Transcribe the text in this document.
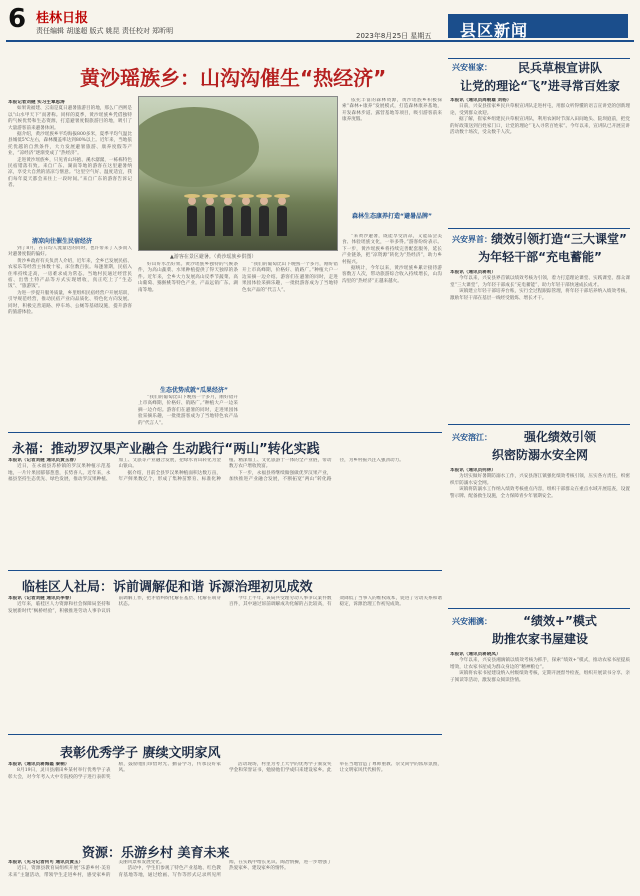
6 桂林日报
责任编辑 胡遂超 版式 姚昆 责任校对 郑昕明
2023年8月25日 星期五 县区新闻
黄沙瑶族乡：山沟沟催生“热经济”
本报记者刘健 实习生覃思涛

如果说福建、云南是夏日避暑旅游目的地，那么广西则是以“山水甲天下”而著称。同样的夏季，黄沙瑶族乡凭借独特的气候优势和生态资源，打造避暑度假旅游目的地，吸引了大量游客前来避暑休闲。

据介绍，黄沙瑶族乡平均海拔800多米，夏季平均气温比县城低5℃左右，森林覆盖率达到80%以上。近年来，当地依托优越的自然条件，大力发展避暑旅游、康养度假等产业，“凉经济”逐渐变成了“热经济”。

走进黄沙瑶族乡，只见青山环抱、溪水潺潺，一栋栋特色民宿错落有致。来自广东、湖南等地的游客在这里避暑纳凉，享受大自然的清凉与惬意。“这里空气好、温度适宜，我们每年夏天都会来住上一段时间。”来自广东的游客告诉记者。

清凉向往催生民宿经济

到了8月，在日均人流量达的同时，也许带来了人多而人对避暑度假的偏好。

黄沙乡政府有关负责人介绍，近年来，全乡已发展民宿、农家乐等经营主体数十家，床位数百张。每逢暑期，民宿入住率持续走高，一房难求成为常态。当地村民通过经营民宿、出售土特产品等方式实现增收，真正吃上了“生态饭”、“旅游饭”。

为进一步提升服务质量，乡里组织民宿经营户开展培训，引导规范经营，推动民宿产业向品质化、特色化方向发展。同时，积极完善道路、停车场、公厕等基础设施，提升游客的旅游体验。

▲游客在景区避暑。（黄沙瑶族乡供图）

好山好水出好果。黄沙瑶族乡独特的气候条件，为高山蔬菜、水果种植提供了得天独厚的条件。近年来，全乡大力发展高山反季节蔬菜、高山葡萄、猕猴桃等特色产业，产品远销广东、湖南等地。

生态优势成就“瓜果经济”

“我们的葡萄比山下晚熟一个多月，刚好错开上市高峰期，价格好、销路广。”种植大户一边采摘一边介绍。游客们在避暑的同时，走进果园体验采摘乐趣，一批批游客成为了当地特色农产品的“代言人”。

“我们的葡萄比山下晚熟一个多月，刚好错开上市高峰期，价格好、销路广。”种植大户一边采摘一边介绍。游客们在避暑的同时，走进果园体验采摘乐趣，一批批游客成为了当地特色农产品的“代言人”。

依托丰富的森林资源，黄沙瑶族乡积极探索“森林+康养”发展模式，打造森林康养基地，开发森林步道、露营基地等项目，吸引游客前来康养度假。

森林生态康养打造“避暑品牌”

“来黄沙避暑，既能享受清凉，又能品尝美食、体验瑶族文化，一举多得。”游客纷纷表示。下一步，黄沙瑶族乡将持续完善配套服务，延长产业链条，把“凉资源”转化为“热经济”，助力乡村振兴。

据统计，今年以来，黄沙瑶族乡累计接待游客数万人次，带动旅游综合收入持续增长，山沟沟里的“热经济”正越来越火。

兴安崔家：	民兵草根宣讲队
让党的理论“飞”进寻常百姓家
本报讯（通讯员周朝雄 刘杨）

日前，兴安县崔家乡民兵草根宣讲队走进村屯，用群众听得懂的语言宣讲党的创新理论，受到群众欢迎。

据了解，崔家乡组建民兵草根宣讲队，利用农闲时节深入田间地头、院坝庭前，把党的好政策送到百姓家门口，让党的理论“飞入寻常百姓家”。今年以来，宣讲队已开展宣讲活动数十场次，受众数千人次。

兴安界首： 绩效引领打造“三大课堂”
为年轻干部“充电蓄能”
本报讯（通讯员蒋莉）

今年以来，兴安县界首镇以绩效考核为引领，着力打造理论课堂、实践课堂、群众课堂“三大课堂”，为年轻干部成长“充电蓄能”，助力年轻干部快速成长成才。

该镇建立年轻干部培养台账，实行全过程跟踪管理，将年轻干部培养纳入绩效考核，激励年轻干部在基层一线经受锻炼、增长才干。

兴安溶江：	强化绩效引领
织密防溺水安全网
本报讯（通讯员何林）

为切实做好暑期防溺水工作，兴安县溶江镇强化绩效考核引领，压实各方责任，织密织牢防溺水安全网。

该镇将防溺水工作纳入绩效考核重点内容，组织干部群众在重点水域开展巡查，设置警示牌、配备救生设施，全力保障青少年暑期安全。

兴安湘漓：	“绩效+”模式
助推农家书屋建设
本报讯（通讯员蒋晓凤）

今年以来，兴安县湘漓镇以绩效考核为抓手，探索“绩效+”模式，推动农家书屋提质增效，让农家书屋成为群众身边的“精神粮仓”。

该镇将农家书屋建设纳入村级绩效考核，定期开展督导检查，组织开展读书分享、亲子阅读等活动，激发群众阅读热情。

永福：推动罗汉果产业融合 生动践行“两山”转化实践
本报讯（记者刘健 通讯员黄玉春）

近日，在永福县苏桥镇的罗汉果种植示范基地，一片片果园郁郁葱葱，长势喜人。近年来，永福县坚持生态优先、绿色发展，推动罗汉果种植、加工、文旅等产业融合发展，把绿水青山转化为金山银山。

据介绍，目前全县罗汉果种植面积达数万亩，年产鲜果数亿个，形成了集种苗繁育、标准化种植、精深加工、文化旅游于一体的全产业链，带动数万农户增收致富。

下一步，永福县将继续做强做优罗汉果产业，加快推进产业融合发展，不断拓宽“两山”转化路径，为乡村振兴注入强劲动力。

临桂区人社局：诉前调解促和谐 诉源治理初见成效
本报讯（记者刘健 通讯员李春）

近年来，临桂区人力资源和社会保障局坚持和发展新时代“枫桥经验”，积极推进劳动人事争议诉前调解工作，把矛盾纠纷化解在基层、化解在萌芽状态。

今年上半年，该局共受理劳动人事争议案件数百件，其中通过诉前调解成功化解的占比较高，有效降低了当事人的维权成本，促进了劳动关系和谐稳定，诉源治理工作初见成效。

表彰优秀学子 赓续文明家风
本报讯（通讯员蒋海霞 秦桐）

8月19日，灵川县潮田乡某村举行优秀学子表彰大会，对今年考入大中专院校的学子进行表彰奖励，鼓励他们珍惜时光、勤奋学习，传承良好家风。

活动现场，村里为考上大学的优秀学子颁发奖学金和荣誉证书，勉励他们学成归来建设家乡。此举在当地营造了尊师重教、崇文尚学的浓厚氛围，让文明家风代代相传。

资源：乐游乡村 美育未来
本报讯（见习记者何可 通讯员黄玉）

近日，资源县教育局组织开展“乐游乡村·美育未来”主题活动，带领学生走进乡村，感受家乡的美丽风景和发展变化。

活动中，学生们参观了特色产业基地、红色教育基地等地，通过绘画、写作等形式记录所见所闻，在实践中增长见识、陶冶情操，进一步增强了热爱家乡、建设家乡的情怀。
